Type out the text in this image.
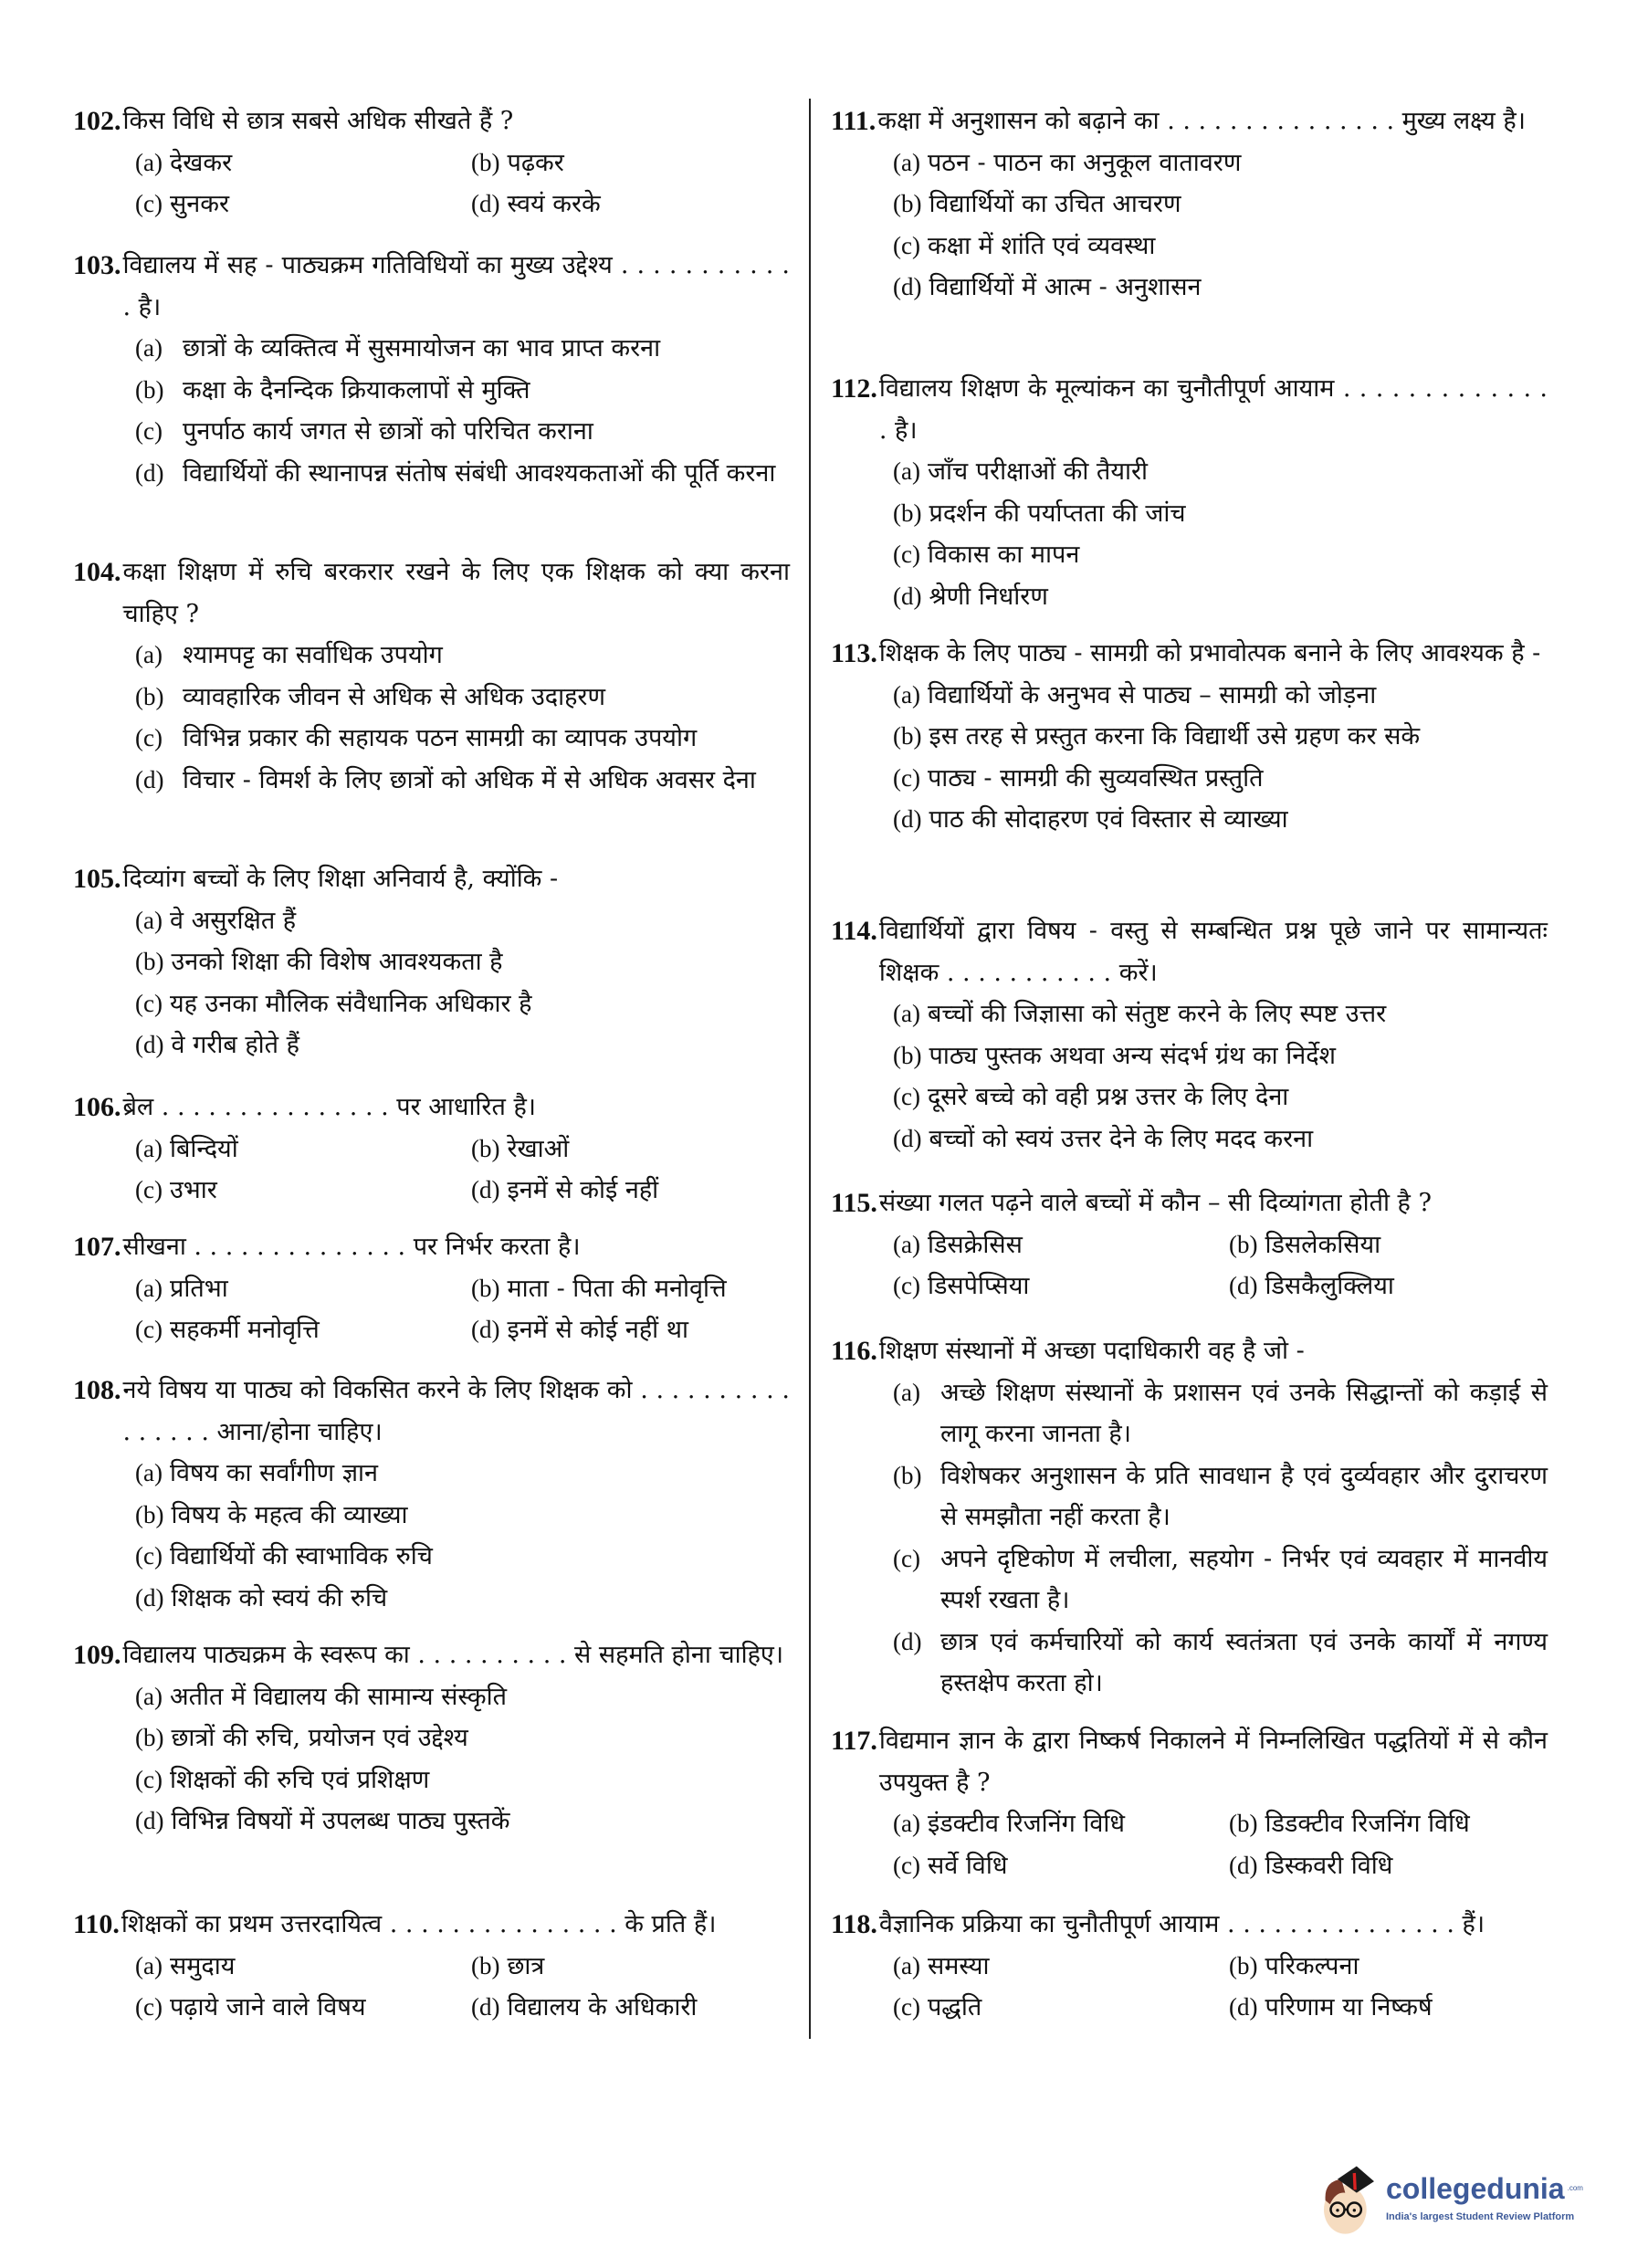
102. किस विधि से छात्र सबसे अधिक सीखते हैं ?
(a) देखकर	(b) पढ़कर
(c) सुनकर	(d) स्वयं करके
103. विद्यालय में सह - पाठ्यक्रम गतिविधियों का मुख्य उद्देश्य . . . . . . . . . . . . है।
(a) छात्रों के व्यक्तित्व में सुसमायोजन का भाव प्राप्त करना
(b) कक्षा के दैनन्दिक क्रियाकलापों से मुक्ति
(c) पुनर्पाठ कार्य जगत से छात्रों को परिचित कराना
(d) विद्यार्थियों की स्थानापन्न संतोष संबंधी आवश्यकताओं की पूर्ति करना
104. कक्षा शिक्षण में रुचि बरकरार रखने के लिए एक शिक्षक को क्या करना चाहिए ?
(a) श्यामपट्ट का सर्वाधिक उपयोग
(b) व्यावहारिक जीवन से अधिक से अधिक उदाहरण
(c) विभिन्न प्रकार की सहायक पठन सामग्री का व्यापक उपयोग
(d) विचार - विमर्श के लिए छात्रों को अधिक में से अधिक अवसर देना
105. दिव्यांग बच्चों के लिए शिक्षा अनिवार्य है, क्योंकि -
(a) वे असुरक्षित हैं
(b) उनको शिक्षा की विशेष आवश्यकता है
(c) यह उनका मौलिक संवैधानिक अधिकार है
(d) वे गरीब होते हैं
106. ब्रेल . . . . . . . . . . . . . . . पर आधारित है।
(a) बिन्दियों	(b) रेखाओं
(c) उभार	(d) इनमें से कोई नहीं
107. सीखना . . . . . . . . . . . . . . पर निर्भर करता है।
(a) प्रतिभा	(b) माता - पिता की मनोवृत्ति
(c) सहकर्मी मनोवृत्ति	(d) इनमें से कोई नहीं था
108. नये विषय या पाठ्य को विकसित करने के लिए शिक्षक को . . . . . . . . . . . . . . . . आना/होना चाहिए।
(a) विषय का सर्वांगीण ज्ञान
(b) विषय के महत्व की व्याख्या
(c) विद्यार्थियों की स्वाभाविक रुचि
(d) शिक्षक को स्वयं की रुचि
109. विद्यालय पाठ्यक्रम के स्वरूप का . . . . . . . . . . से सहमति होना चाहिए।
(a) अतीत में विद्यालय की सामान्य संस्कृति
(b) छात्रों की रुचि, प्रयोजन एवं उद्देश्य
(c) शिक्षकों की रुचि एवं प्रशिक्षण
(d) विभिन्न विषयों में उपलब्ध पाठ्य पुस्तकें
110. शिक्षकों का प्रथम उत्तरदायित्व . . . . . . . . . . . . . . . के प्रति हैं।
(a) समुदाय	(b) छात्र
(c) पढ़ाये जाने वाले विषय	(d) विद्यालय के अधिकारी
111. कक्षा में अनुशासन को बढ़ाने का . . . . . . . . . . . . . . . मुख्य लक्ष्य है।
(a) पठन - पाठन का अनुकूल वातावरण
(b) विद्यार्थियों का उचित आचरण
(c) कक्षा में शांति एवं व्यवस्था
(d) विद्यार्थियों में आत्म - अनुशासन
112. विद्यालय शिक्षण के मूल्यांकन का चुनौतीपूर्ण आयाम . . . . . . . . . . . . . . है।
(a) जाँच परीक्षाओं की तैयारी
(b) प्रदर्शन की पर्याप्तता की जांच
(c) विकास का मापन
(d) श्रेणी निर्धारण
113. शिक्षक के लिए पाठ्य - सामग्री को प्रभावोत्पक बनाने के लिए आवश्यक है -
(a) विद्यार्थियों के अनुभव से पाठ्य – सामग्री को जोड़ना
(b) इस तरह से प्रस्तुत करना कि विद्यार्थी उसे ग्रहण कर सके
(c) पाठ्य - सामग्री की सुव्यवस्थित प्रस्तुति
(d) पाठ की सोदाहरण एवं विस्तार से व्याख्या
114. विद्यार्थियों द्वारा विषय - वस्तु से सम्बन्धित प्रश्न पूछे जाने पर सामान्यतः शिक्षक . . . . . . . . . . . करें।
(a) बच्चों की जिज्ञासा को संतुष्ट करने के लिए स्पष्ट उत्तर
(b) पाठ्य पुस्तक अथवा अन्य संदर्भ ग्रंथ का निर्देश
(c) दूसरे बच्चे को वही प्रश्न उत्तर के लिए देना
(d) बच्चों को स्वयं उत्तर देने के लिए मदद करना
115. संख्या गलत पढ़ने वाले बच्चों में कौन – सी दिव्यांगता होती है ?
(a) डिसक्रेसिस	(b) डिसलेकसिया
(c) डिसपेप्सिया	(d) डिसकैलुक्लिया
116. शिक्षण संस्थानों में अच्छा पदाधिकारी वह है जो -
(a) अच्छे शिक्षण संस्थानों के प्रशासन एवं उनके सिद्धान्तों को कड़ाई से लागू करना जानता है।
(b) विशेषकर अनुशासन के प्रति सावधान है एवं दुर्व्यवहार और दुराचरण से समझौता नहीं करता है।
(c) अपने दृष्टिकोण में लचीला, सहयोग - निर्भर एवं व्यवहार में मानवीय स्पर्श रखता है।
(d) छात्र एवं कर्मचारियों को कार्य स्वतंत्रता एवं उनके कार्यों में नगण्य हस्तक्षेप करता हो।
117. विद्यमान ज्ञान के द्वारा निष्कर्ष निकालने में निम्नलिखित पद्धतियों में से कौन उपयुक्त है ?
(a) इंडक्टीव रिजनिंग विधि	(b) डिडक्टीव रिजनिंग विधि
(c) सर्वे विधि	(d) डिस्कवरी विधि
118. वैज्ञानिक प्रक्रिया का चुनौतीपूर्ण आयाम . . . . . . . . . . . . . . . हैं।
(a) समस्या	(b) परिकल्पना
(c) पद्धति	(d) परिणाम या निष्कर्ष
collegedunia .com
India's largest Student Review Platform
